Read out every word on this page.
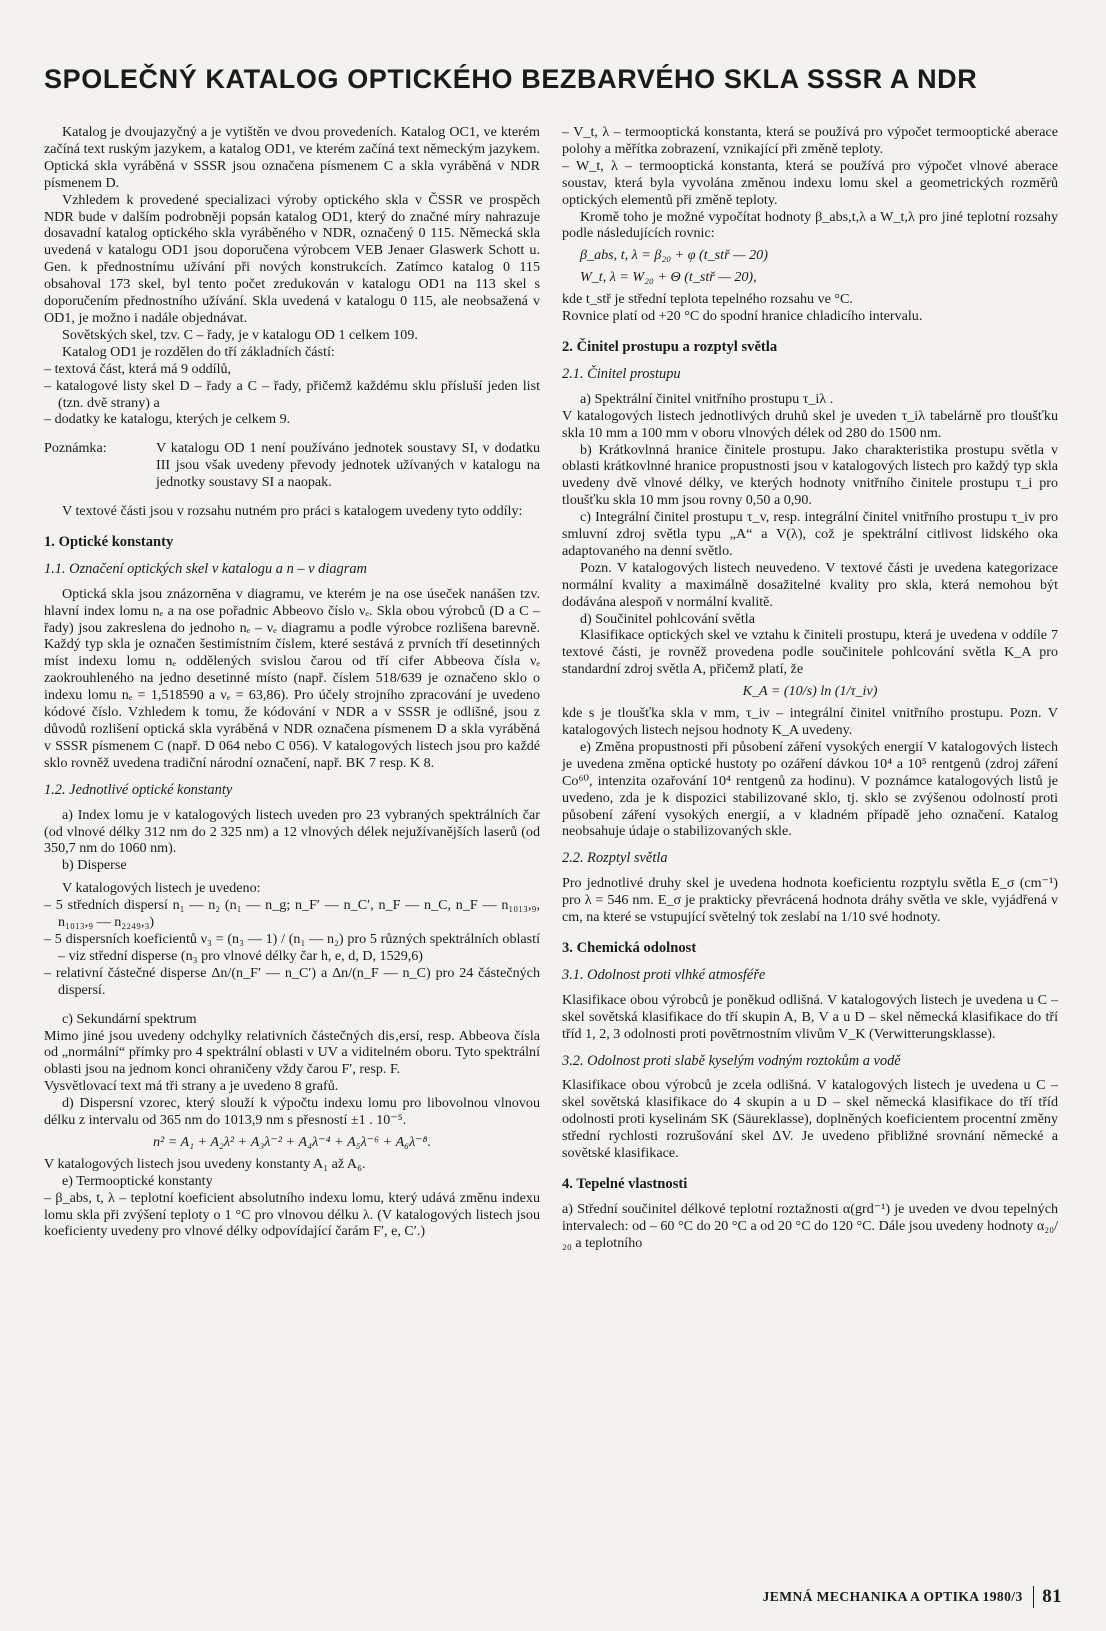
SPOLEČNÝ KATALOG OPTICKÉHO BEZBARVÉHO SKLA SSSR A NDR

Katalog je dvoujazyčný a je vytištěn ve dvou provedeních. Katalog OC1, ve kterém začíná text ruským jazykem, a katalog OD1, ve kterém začíná text německým jazykem. Optická skla vyráběná v SSSR jsou označena písmenem C a skla vyráběná v NDR písmenem D.

Vzhledem k provedené specializaci výroby optického skla v ČSSR ve prospěch NDR bude v dalším podrobněji popsán katalog OD1, který do značné míry nahrazuje dosavadní katalog optického skla vyráběného v NDR, označený 0 115. Německá skla uvedená v katalogu OD1 jsou doporučena výrobcem VEB Jenaer Glaswerk Schott u. Gen. k přednostnímu užívání při nových konstrukcích. Zatímco katalog 0 115 obsahoval 173 skel, byl tento počet zredukován v katalogu OD1 na 113 skel s doporučením přednostního užívání. Skla uvedená v katalogu 0 115, ale neobsažená v OD1, je možno i nadále objednávat.

Sovětských skel, tzv. C – řady, je v katalogu OD 1 celkem 109.

Katalog OD1 je rozdělen do tří základních částí:

– textová část, která má 9 oddílů,

– katalogové listy skel D – řady a C – řady, přičemž každému sklu přísluší jeden list (tzn. dvě strany) a

– dodatky ke katalogu, kterých je celkem 9.

Poznámka:	V katalogu OD 1 není používáno jednotek soustavy SI, v dodatku III jsou však uvedeny převody jednotek užívaných v katalogu na jednotky soustavy SI a naopak.

V textové části jsou v rozsahu nutném pro práci s katalogem uvedeny tyto oddíly:

1. Optické konstanty

1.1. Označení optických skel v katalogu a n – ν diagram

Optická skla jsou znázorněna v diagramu, ve kterém je na ose úseček nanášen tzv. hlavní index lomu nₑ a na ose pořadnic Abbeovo číslo νₑ. Skla obou výrobců (D a C – řady) jsou zakreslena do jednoho nₑ – νₑ diagramu a podle výrobce rozlišena barevně. Každý typ skla je označen šestimístním číslem, které sestává z prvních tří desetinných míst indexu lomu nₑ oddělených svislou čarou od tří cifer Abbeova čísla νₑ zaokrouhleného na jedno desetinné místo (např. číslem 518/639 je označeno sklo o indexu lomu nₑ = 1,518590 a νₑ = 63,86). Pro účely strojního zpracování je uvedeno kódové číslo. Vzhledem k tomu, že kódování v NDR a v SSSR je odlišné, jsou z důvodů rozlišení optická skla vyráběná v NDR označena písmenem D a skla vyráběná v SSSR písmenem C (např. D 064 nebo C 056). V katalogových listech jsou pro každé sklo rovněž uvedena tradiční národní označení, např. BK 7 resp. K 8.

1.2. Jednotlivé optické konstanty

a) Index lomu je v katalogových listech uveden pro 23 vybraných spektrálních čar (od vlnové délky 312 nm do 2 325 nm) a 12 vlnových délek nejužívanějších laserů (od 350,7 nm do 1060 nm).

b) Disperse

V katalogových listech je uvedeno:

– 5 středních dispersí n₁ — n₂ (n₁ — n_g; n_F′ — n_C′, n_F — n_C, n_F — n₁₀₁₃,₉, n₁₀₁₃,₉ — n₂₂₄₉,₃)

– 5 dispersních koeficientů ν₃ = (n₃ — 1) / (n₁ — n₂) pro 5 různých spektrálních oblastí – viz střední disperse (n₃ pro vlnové délky čar h, e, d, D, 1529,6)

– relativní částečné disperse Δn/(n_F′ — n_C′) a Δn/(n_F — n_C) pro 24 částečných dispersí.

c) Sekundární spektrum

Mimo jiné jsou uvedeny odchylky relativních částečných dis‚ersí, resp. Abbeova čísla od „normální“ přímky pro 4 spektrální oblasti v UV a viditelném oboru. Tyto spektrální oblasti jsou na jednom konci ohraničeny vždy čarou F′, resp. F.

Vysvětlovací text má tři strany a je uvedeno 8 grafů.

d) Dispersní vzorec, který slouží k výpočtu indexu lomu pro libovolnou vlnovou délku z intervalu od 365 nm do 1013,9 nm s přesností ±1 . 10⁻⁵.

n² = A₁ + A₂λ² + A₃λ⁻² + A₄λ⁻⁴ + A₅λ⁻⁶ + A₆λ⁻⁸.

V katalogových listech jsou uvedeny konstanty A₁ až A₆.

e) Termooptické konstanty

– β_abs, t, λ – teplotní koeficient absolutního indexu lomu, který udává změnu indexu lomu skla při zvýšení teploty o 1 °C pro vlnovou délku λ. (V katalogových listech jsou koeficienty uvedeny pro vlnové délky odpovídající čarám F′, e, C′.)

– V_t, λ – termooptická konstanta, která se používá pro výpočet termooptické aberace polohy a měřítka zobrazení, vznikající při změně teploty.

– W_t, λ – termooptická konstanta, která se používá pro výpočet vlnové aberace soustav, která byla vyvolána změnou indexu lomu skel a geometrických rozměrů optických elementů při změně teploty.

Kromě toho je možné vypočítat hodnoty β_abs,t,λ a W_t,λ pro jiné teplotní rozsahy podle následujících rovnic:

β_abs, t, λ = β₂₀ + φ (t_stř — 20)

W_t, λ = W₂₀ + Θ (t_stř — 20),

kde t_stř je střední teplota tepelného rozsahu ve °C.

Rovnice platí od +20 °C do spodní hranice chladicího intervalu.

2. Činitel prostupu a rozptyl světla

2.1. Činitel prostupu

a) Spektrální činitel vnitřního prostupu τ_iλ .

V katalogových listech jednotlivých druhů skel je uveden τ_iλ tabelárně pro tloušťku skla 10 mm a 100 mm v oboru vlnových délek od 280 do 1500 nm.

b) Krátkovlnná hranice činitele prostupu. Jako charakteristika prostupu světla v oblasti krátkovlnné hranice propustnosti jsou v katalogových listech pro každý typ skla uvedeny dvě vlnové délky, ve kterých hodnoty vnitřního činitele prostupu τ_i pro tloušťku skla 10 mm jsou rovny 0,50 a 0,90.

c) Integrální činitel prostupu τ_v, resp. integrální činitel vnitřního prostupu τ_iv pro smluvní zdroj světla typu „A“ a V(λ), což je spektrální citlivost lidského oka adaptovaného na denní světlo.

Pozn. V katalogových listech neuvedeno. V textové části je uvedena kategorizace normální kvality a maximálně dosažitelné kvality pro skla, která nemohou být dodávána alespoň v normální kvalitě.

d) Součinitel pohlcování světla

Klasifikace optických skel ve vztahu k činiteli prostupu, která je uvedena v oddíle 7 textové části, je rovněž provedena podle součinitele pohlcování světla K_A pro standardní zdroj světla A, přičemž platí, že

K_A = (10/s) ln (1/τ_iv)

kde s je tloušťka skla v mm, τ_iv – integrální činitel vnitřního prostupu. Pozn. V katalogových listech nejsou hodnoty K_A uvedeny.

e) Změna propustnosti při působení záření vysokých energií V katalogových listech je uvedena změna optické hustoty po ozáření dávkou 10⁴ a 10⁵ rentgenů (zdroj záření Co⁶⁰, intenzita ozařování 10⁴ rentgenů za hodinu). V poznámce katalogových listů je uvedeno, zda je k dispozici stabilizované sklo, tj. sklo se zvýšenou odolností proti působení záření vysokých energií, a v kladném případě jeho označení. Katalog neobsahuje údaje o stabilizovaných skle.

2.2. Rozptyl světla

Pro jednotlivé druhy skel je uvedena hodnota koeficientu rozptylu světla E_σ (cm⁻¹) pro λ = 546 nm. E_σ je prakticky převrácená hodnota dráhy světla ve skle, vyjádřená v cm, na které se vstupující světelný tok zeslabí na 1/10 své hodnoty.

3. Chemická odolnost

3.1. Odolnost proti vlhké atmosféře

Klasifikace obou výrobců je poněkud odlišná. V katalogových listech je uvedena u C – skel sovětská klasifikace do tří skupin A, B, V a u D – skel německá klasifikace do tří tříd 1, 2, 3 odolnosti proti povětrnostním vlivům V_K (Verwitterungsklasse).

3.2. Odolnost proti slabě kyselým vodným roztokům a vodě

Klasifikace obou výrobců je zcela odlišná. V katalogových listech je uvedena u C – skel sovětská klasifikace do 4 skupin a u D – skel německá klasifikace do tří tříd odolnosti proti kyselinám SK (Säureklasse), doplněných koeficientem procentní změny střední rychlosti rozrušování skel ΔV. Je uvedeno přibližné srovnání německé a sovětské klasifikace.

4. Tepelné vlastnosti

a) Střední součinitel délkové teplotní roztažnosti α(grd⁻¹) je uveden ve dvou tepelných intervalech: od – 60 °C do 20 °C a od 20 °C do 120 °C. Dále jsou uvedeny hodnoty α₂₀/₂₀ a teplotního

JEMNÁ MECHANIKA A OPTIKA 1980/3 81
